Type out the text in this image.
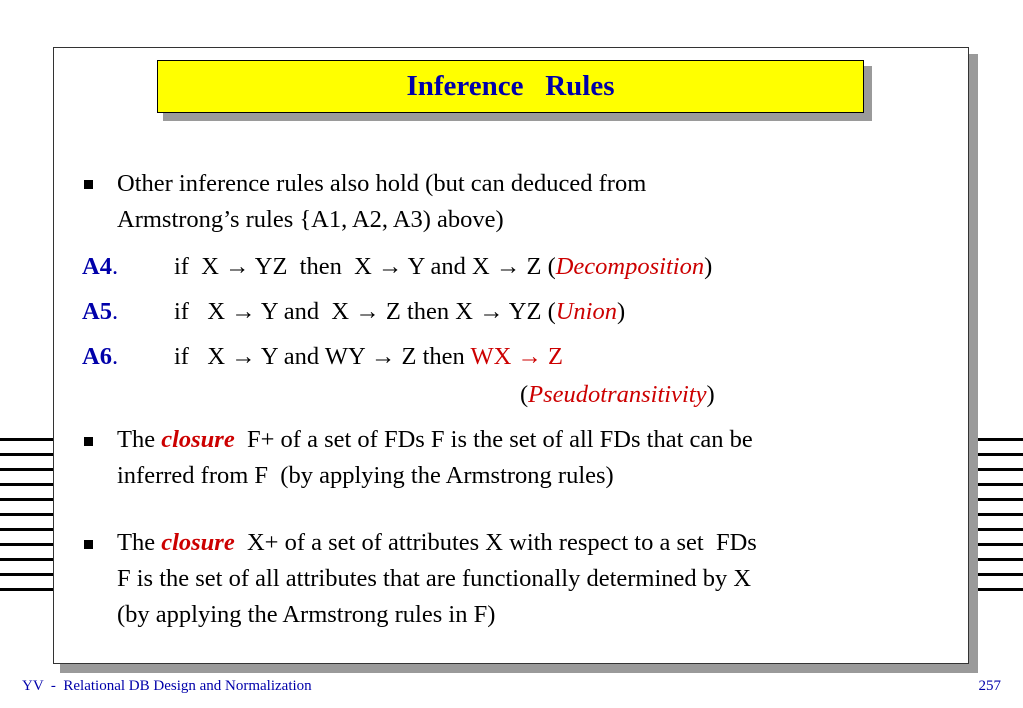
Inference   Rules
Other inference rules also hold (but can deduced from
Armstrong’s rules {A1, A2, A3) above)
A4. if  X → YZ  then  X → Y and X → Z (Decomposition)
A5. if   X → Y and  X → Z then X → YZ (Union)
A6. if   X → Y and WY → Z then WX → Z
(Pseudotransitivity)
The closure  F+ of a set of FDs F is the set of all FDs that can be
inferred from F  (by applying the Armstrong rules)
The closure  X+ of a set of attributes X with respect to a set  FDs
F is the set of all attributes that are functionally determined by X
(by applying the Armstrong rules in F)
YV  -  Relational DB Design and Normalization	257
